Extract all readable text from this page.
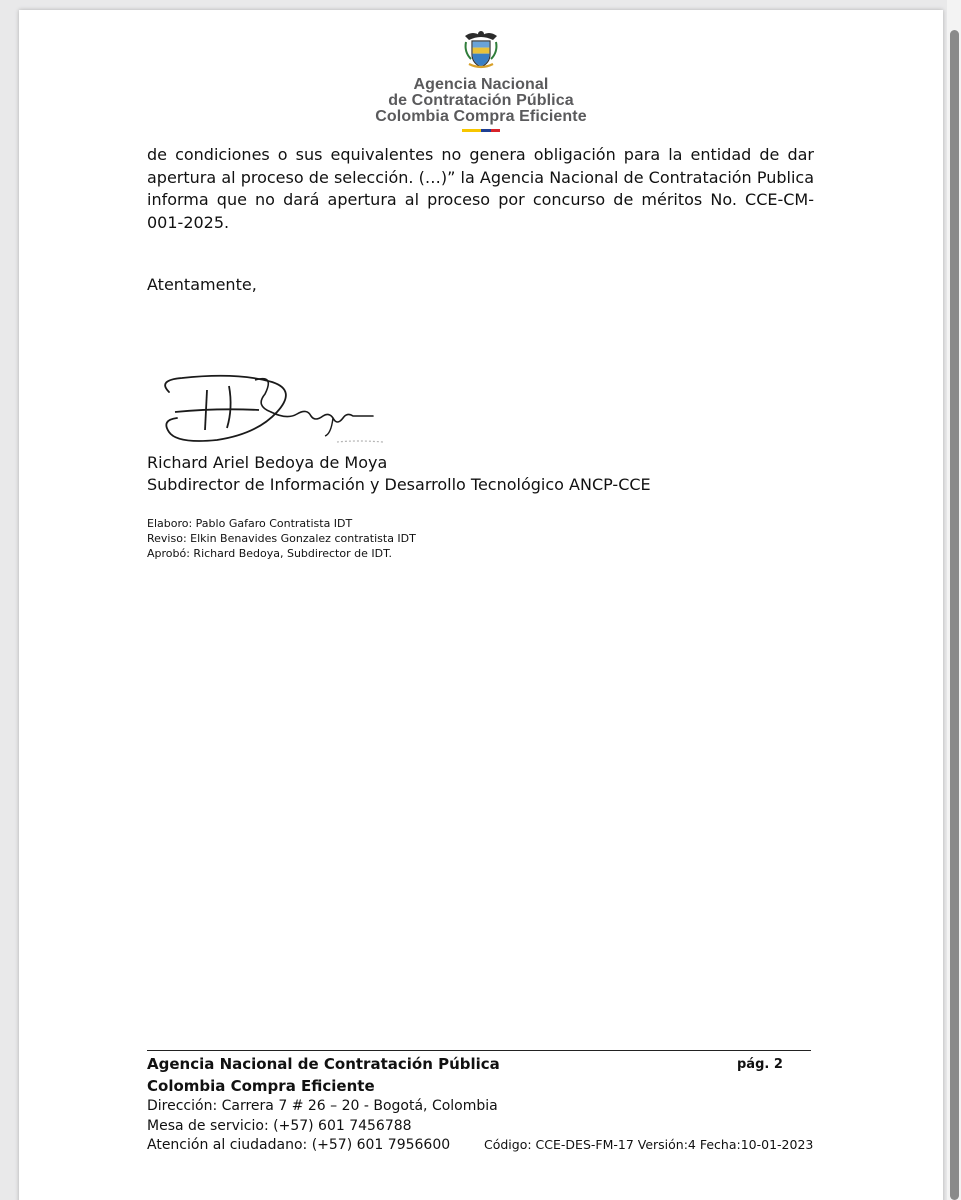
Agencia Nacional
de Contratación Pública
Colombia Compra Eficiente
de condiciones o sus equivalentes no genera obligación para la entidad de dar apertura al proceso de selección. (…)” la Agencia Nacional de Contratación Publica informa que no dará apertura al proceso por concurso de méritos No. CCE-CM-001-2025.
Atentamente,
Richard Ariel Bedoya de Moya
Subdirector de Información y Desarrollo Tecnológico ANCP-CCE
Elaboro: Pablo Gafaro Contratista IDT
Reviso: Elkin Benavides Gonzalez contratista IDT
Aprobó: Richard Bedoya, Subdirector de IDT.
Agencia Nacional de Contratación Pública
Colombia Compra Eficiente
Dirección: Carrera 7 # 26 – 20 - Bogotá, Colombia
Mesa de servicio: (+57) 601 7456788
Atención al ciudadano: (+57) 601 7956600
pág. 2
Código: CCE-DES-FM-17 Versión:4 Fecha:10-01-2023
